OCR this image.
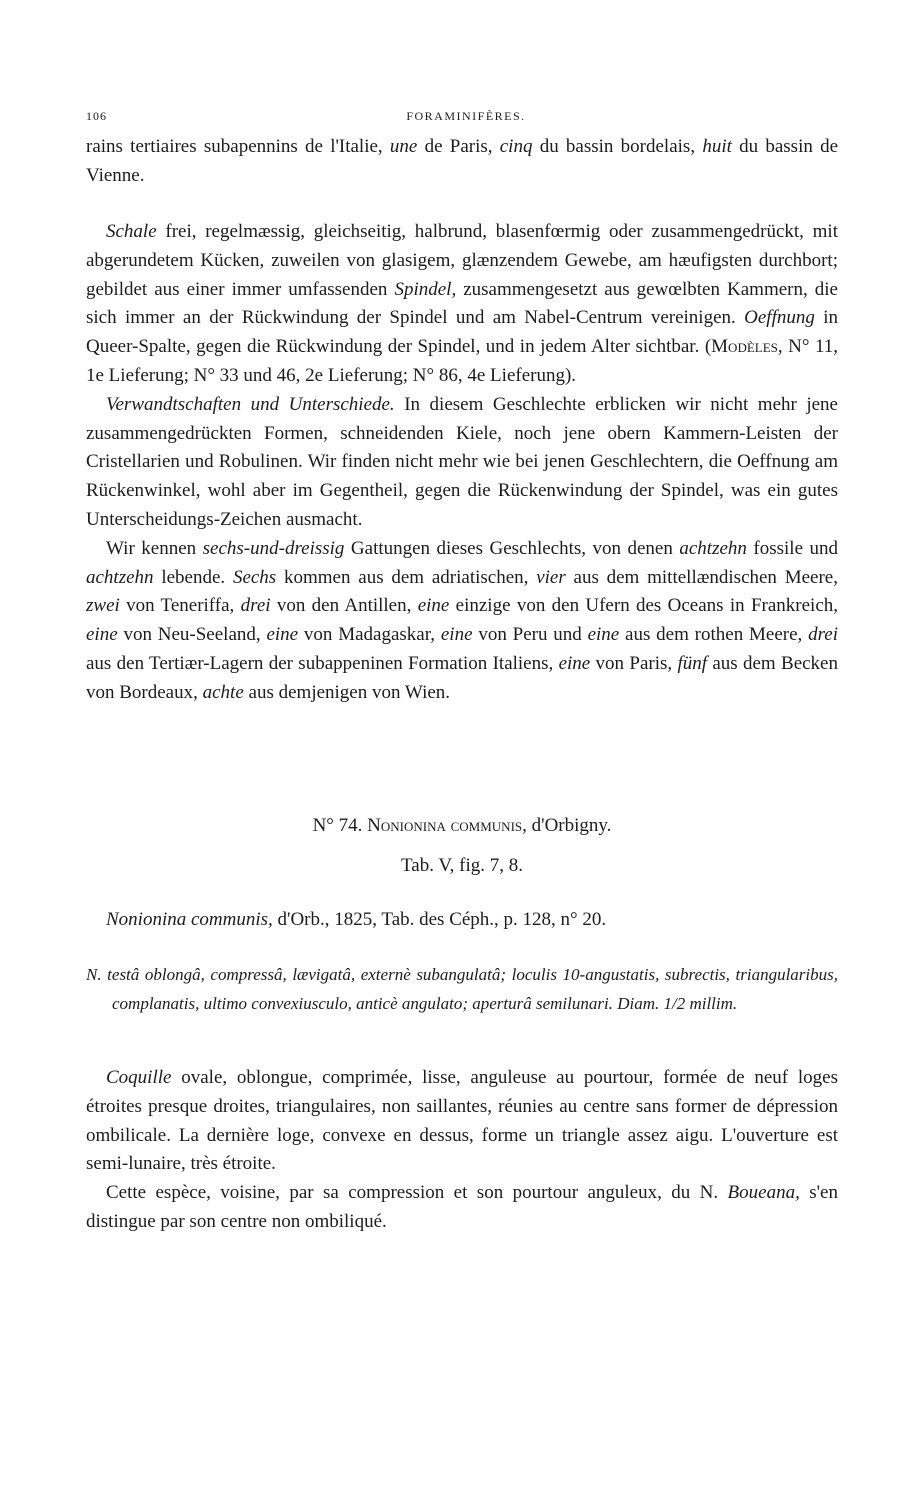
106	FORAMINIFÈRES.

rains tertiaires subapennins de l'Italie, une de Paris, cinq du bassin bordelais, huit du bassin de Vienne.

Schale frei, regelmæssig, gleichseitig, halbrund, blasenfœrmig oder zusammengedrückt, mit abgerundetem Kücken, zuweilen von glasigem, glænzendem Gewebe, am hæufigsten durchbort; gebildet aus einer immer umfassenden Spindel, zusammengesetzt aus gewœlbten Kammern, die sich immer an der Rückwindung der Spindel und am Nabel-Centrum vereinigen. Oeffnung in Queer-Spalte, gegen die Rückwindung der Spindel, und in jedem Alter sichtbar. (Modèles, N° 11, 1e Lieferung; N° 33 und 46, 2e Lieferung; N° 86, 4e Lieferung).

Verwandtschaften und Unterschiede. In diesem Geschlechte erblicken wir nicht mehr jene zusammengedrückten Formen, schneidenden Kiele, noch jene obern Kammern-Leisten der Cristellarien und Robulinen. Wir finden nicht mehr wie bei jenen Geschlechtern, die Oeffnung am Rückenwinkel, wohl aber im Gegentheil, gegen die Rückenwindung der Spindel, was ein gutes Unterscheidungs-Zeichen ausmacht.

Wir kennen sechs-und-dreissig Gattungen dieses Geschlechts, von denen achtzehn fossile und achtzehn lebende. Sechs kommen aus dem adriatischen, vier aus dem mittellændischen Meere, zwei von Teneriffa, drei von den Antillen, eine einzige von den Ufern des Oceans in Frankreich, eine von Neu-Seeland, eine von Madagaskar, eine von Peru und eine aus dem rothen Meere, drei aus den Tertiær-Lagern der subappeninen Formation Italiens, eine von Paris, fünf aus dem Becken von Bordeaux, achte aus demjenigen von Wien.

N° 74. Nonionina communis, d'Orbigny.
Tab. V, fig. 7, 8.

Nonionina communis, d'Orb., 1825, Tab. des Céph., p. 128, n° 20.

N. testâ oblongâ, compressâ, lævigatâ, externè subangulatâ; loculis 10-angustatis, subrectis, triangularibus, complanatis, ultimo convexiusculo, anticè angulato; aperturâ semilunari. Diam. 1/2 millim.

Coquille ovale, oblongue, comprimée, lisse, anguleuse au pourtour, formée de neuf loges étroites presque droites, triangulaires, non saillantes, réunies au centre sans former de dépression ombilicale. La dernière loge, convexe en dessus, forme un triangle assez aigu. L'ouverture est semi-lunaire, très étroite.

Cette espèce, voisine, par sa compression et son pourtour anguleux, du N. Boueana, s'en distingue par son centre non ombiliqué.
